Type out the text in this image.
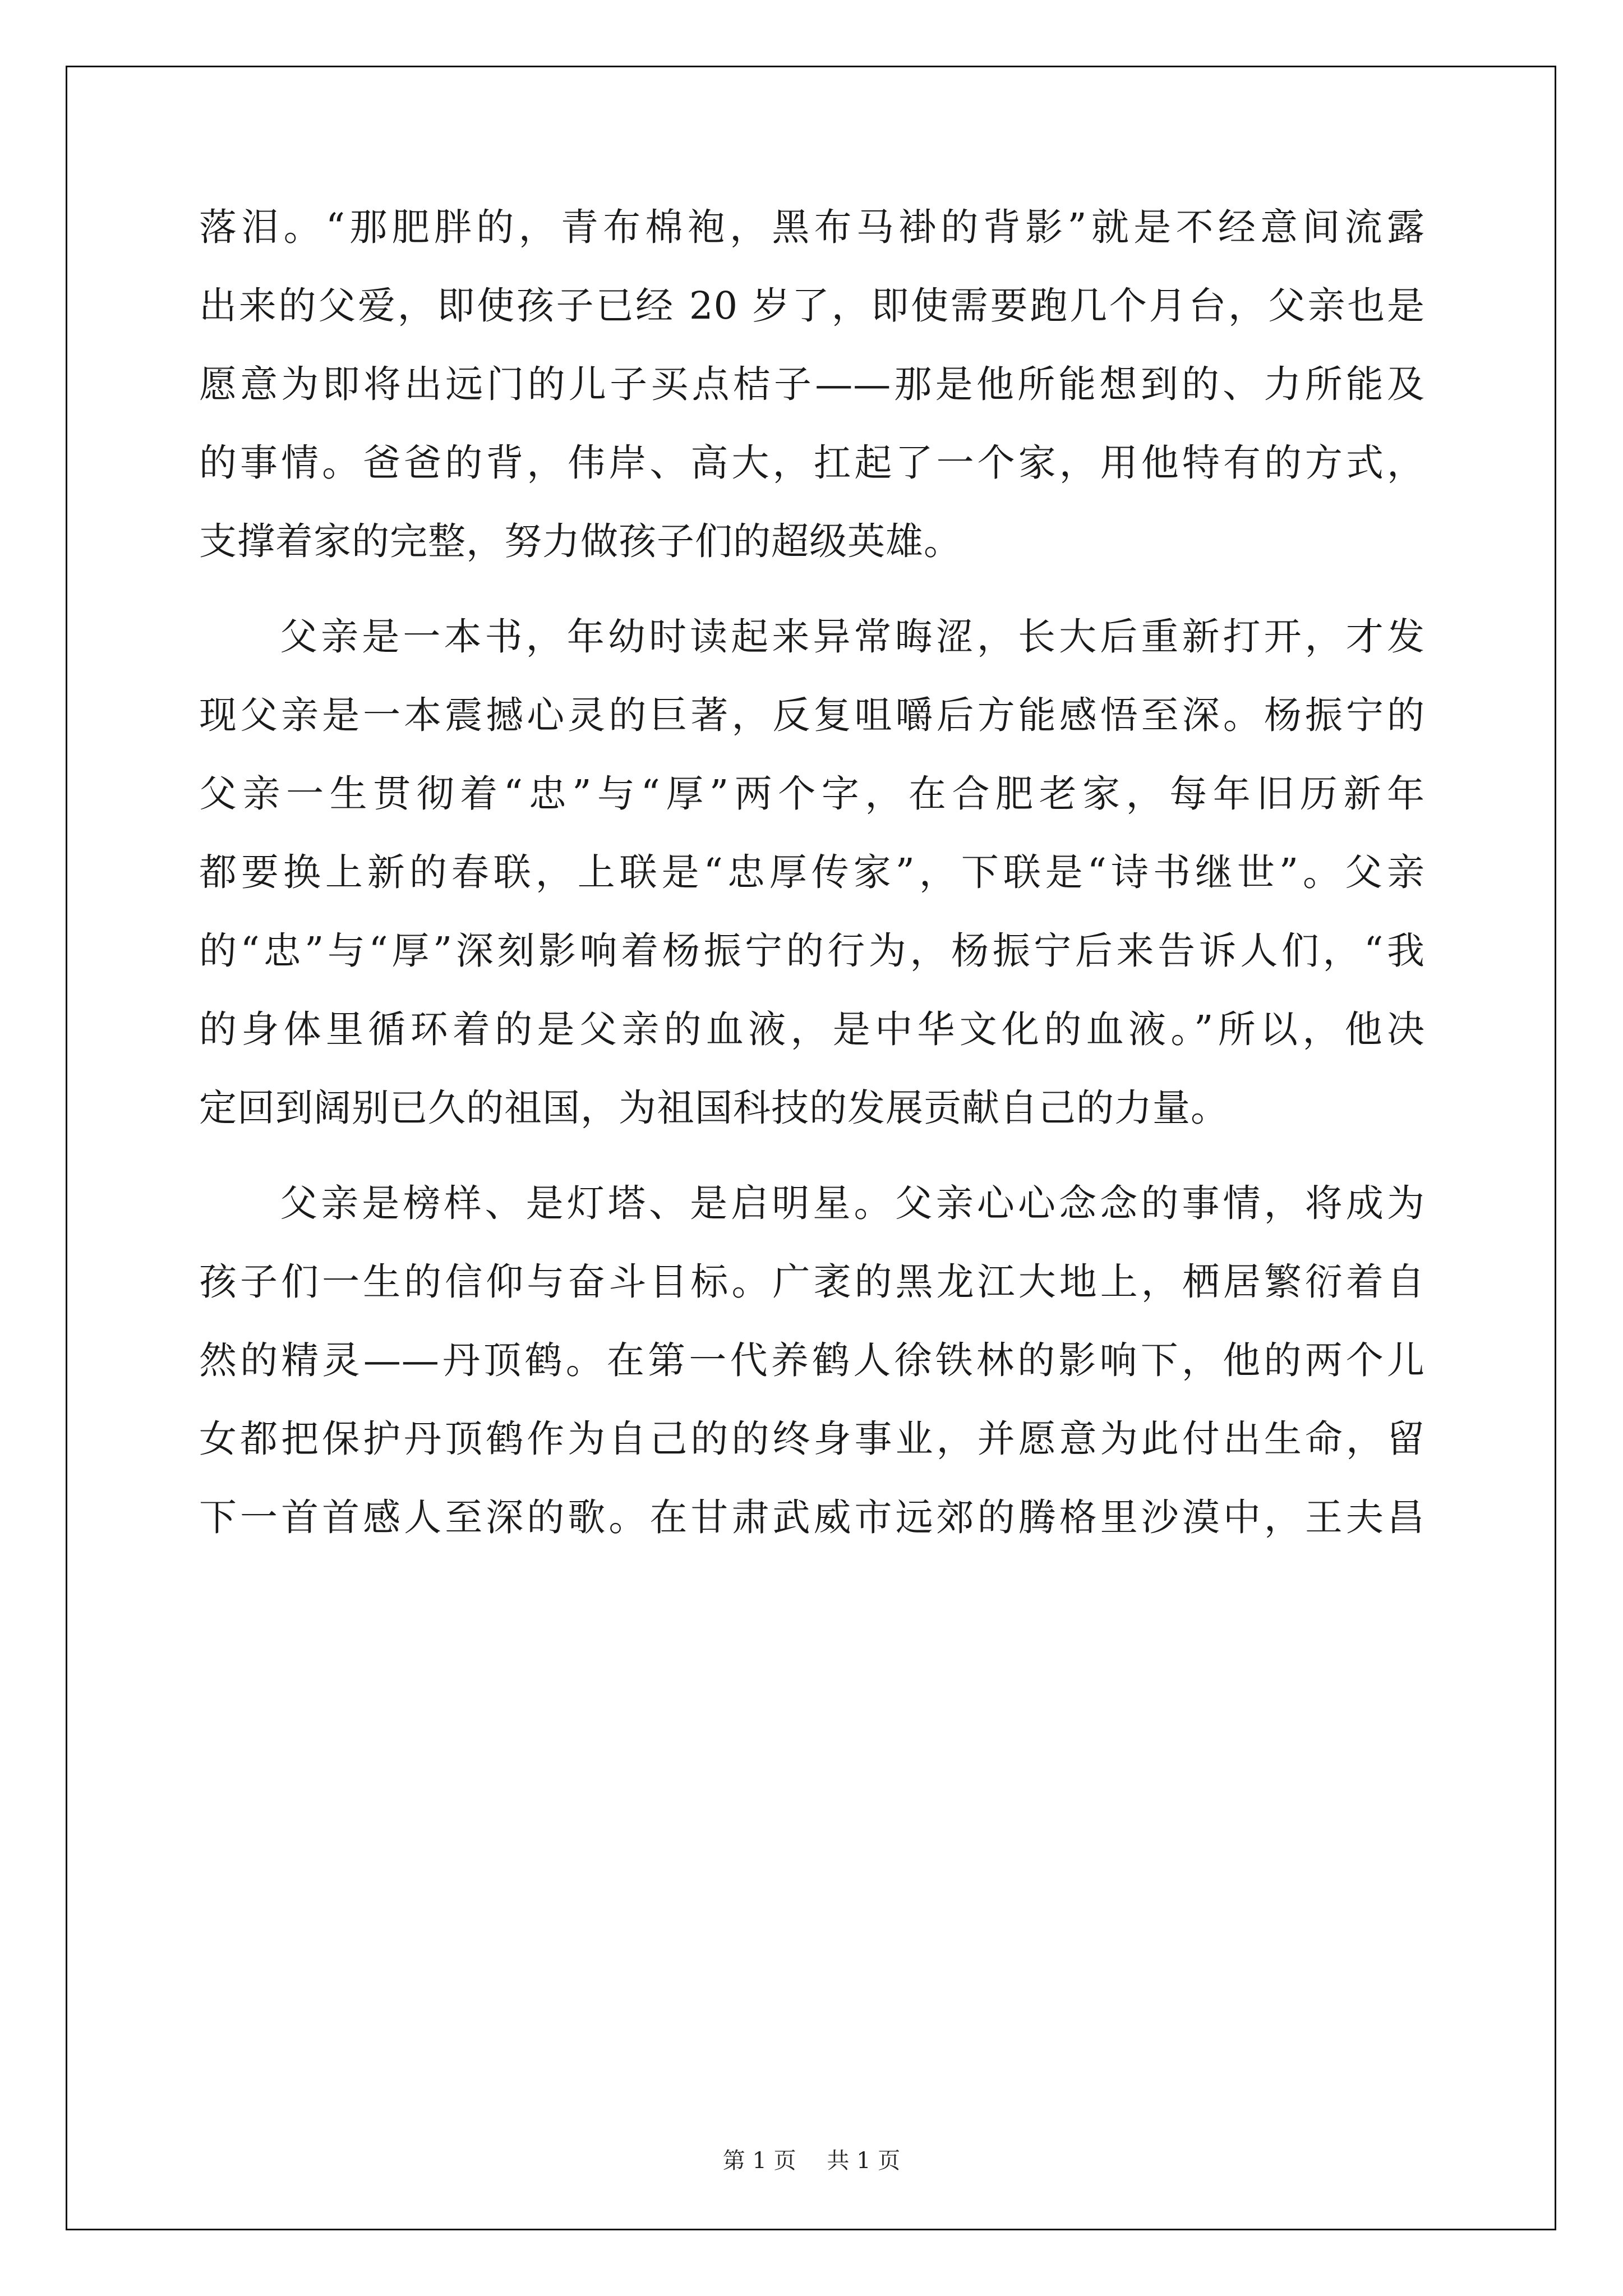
落泪。“那肥胖的，青布棉袍，黑布马褂的背影”就是不经意间流露
出来的父爱，即使孩子已经 20 岁了，即使需要跑几个月台，父亲也是
愿意为即将出远门的儿子买点桔子——那是他所能想到的、力所能及
的事情。爸爸的背，伟岸、高大，扛起了一个家，用他特有的方式，
支撑着家的完整，努力做孩子们的超级英雄。
父亲是一本书，年幼时读起来异常晦涩，长大后重新打开，才发
现父亲是一本震撼心灵的巨著，反复咀嚼后方能感悟至深。杨振宁的
父亲一生贯彻着“忠”与“厚”两个字，在合肥老家，每年旧历新年
都要换上新的春联，上联是“忠厚传家”，下联是“诗书继世”。父亲
的“忠”与“厚”深刻影响着杨振宁的行为，杨振宁后来告诉人们，“我
的身体里循环着的是父亲的血液，是中华文化的血液。”所以，他决
定回到阔别已久的祖国，为祖国科技的发展贡献自己的力量。
父亲是榜样、是灯塔、是启明星。父亲心心念念的事情，将成为
孩子们一生的信仰与奋斗目标。广袤的黑龙江大地上，栖居繁衍着自
然的精灵——丹顶鹤。在第一代养鹤人徐铁林的影响下，他的两个儿
女都把保护丹顶鹤作为自己的的终身事业，并愿意为此付出生命，留
下一首首感人至深的歌。在甘肃武威市远郊的腾格里沙漠中，王夫昌
第 1 页 共 1 页
